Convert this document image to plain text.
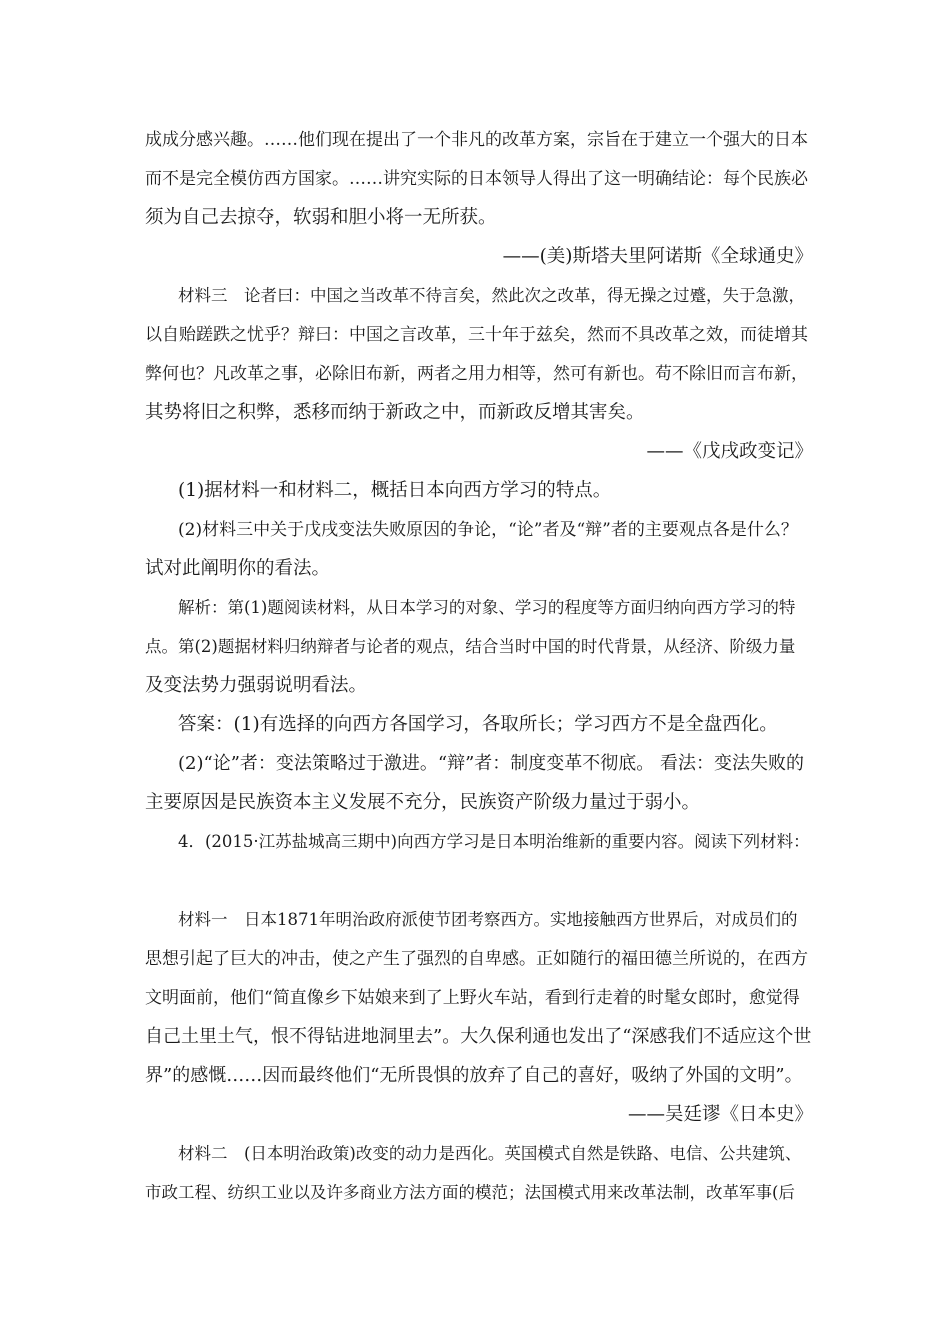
成成分感兴趣。……他们现在提出了一个非凡的改革方案，宗旨在于建立一个强大的日本
而不是完全模仿西方国家。……讲究实际的日本领导人得出了这一明确结论：每个民族必
须为自己去掠夺，软弱和胆小将一无所获。
——(美)斯塔夫里阿诺斯《全球通史》
材料三　论者曰：中国之当改革不待言矣，然此次之改革，得无操之过蹙，失于急激，
以自贻蹉跌之忧乎？辩曰：中国之言改革，三十年于兹矣，然而不具改革之效，而徒增其
弊何也？凡改革之事，必除旧布新，两者之用力相等，然可有新也。苟不除旧而言布新，
其势将旧之积弊，悉移而纳于新政之中，而新政反增其害矣。
——《戊戌政变记》
(1)据材料一和材料二，概括日本向西方学习的特点。
(2)材料三中关于戊戌变法失败原因的争论，“论”者及“辩”者的主要观点各是什么？
试对此阐明你的看法。
解析：第(1)题阅读材料，从日本学习的对象、学习的程度等方面归纳向西方学习的特
点。第(2)题据材料归纳辩者与论者的观点，结合当时中国的时代背景，从经济、阶级力量
及变法势力强弱说明看法。
答案：(1)有选择的向西方各国学习，各取所长；学习西方不是全盘西化。
(2)“论”者：变法策略过于激进。“辩”者：制度变革不彻底。 看法：变法失败的
主要原因是民族资本主义发展不充分，民族资产阶级力量过于弱小。
4．(2015·江苏盐城高三期中)向西方学习是日本明治维新的重要内容。阅读下列材料：
材料一　日本1871年明治政府派使节团考察西方。实地接触西方世界后，对成员们的
思想引起了巨大的冲击，使之产生了强烈的自卑感。正如随行的福田德兰所说的，在西方
文明面前，他们“简直像乡下姑娘来到了上野火车站，看到行走着的时髦女郎时，愈觉得
自己土里土气，恨不得钻进地洞里去”。大久保利通也发出了“深感我们不适应这个世
界”的感慨……因而最终他们“无所畏惧的放弃了自己的喜好，吸纳了外国的文明”。
——吴廷谬《日本史》
材料二　(日本明治政策)改变的动力是西化。英国模式自然是铁路、电信、公共建筑、
市政工程、纺织工业以及许多商业方法方面的模范；法国模式用来改革法制，改革军事(后
